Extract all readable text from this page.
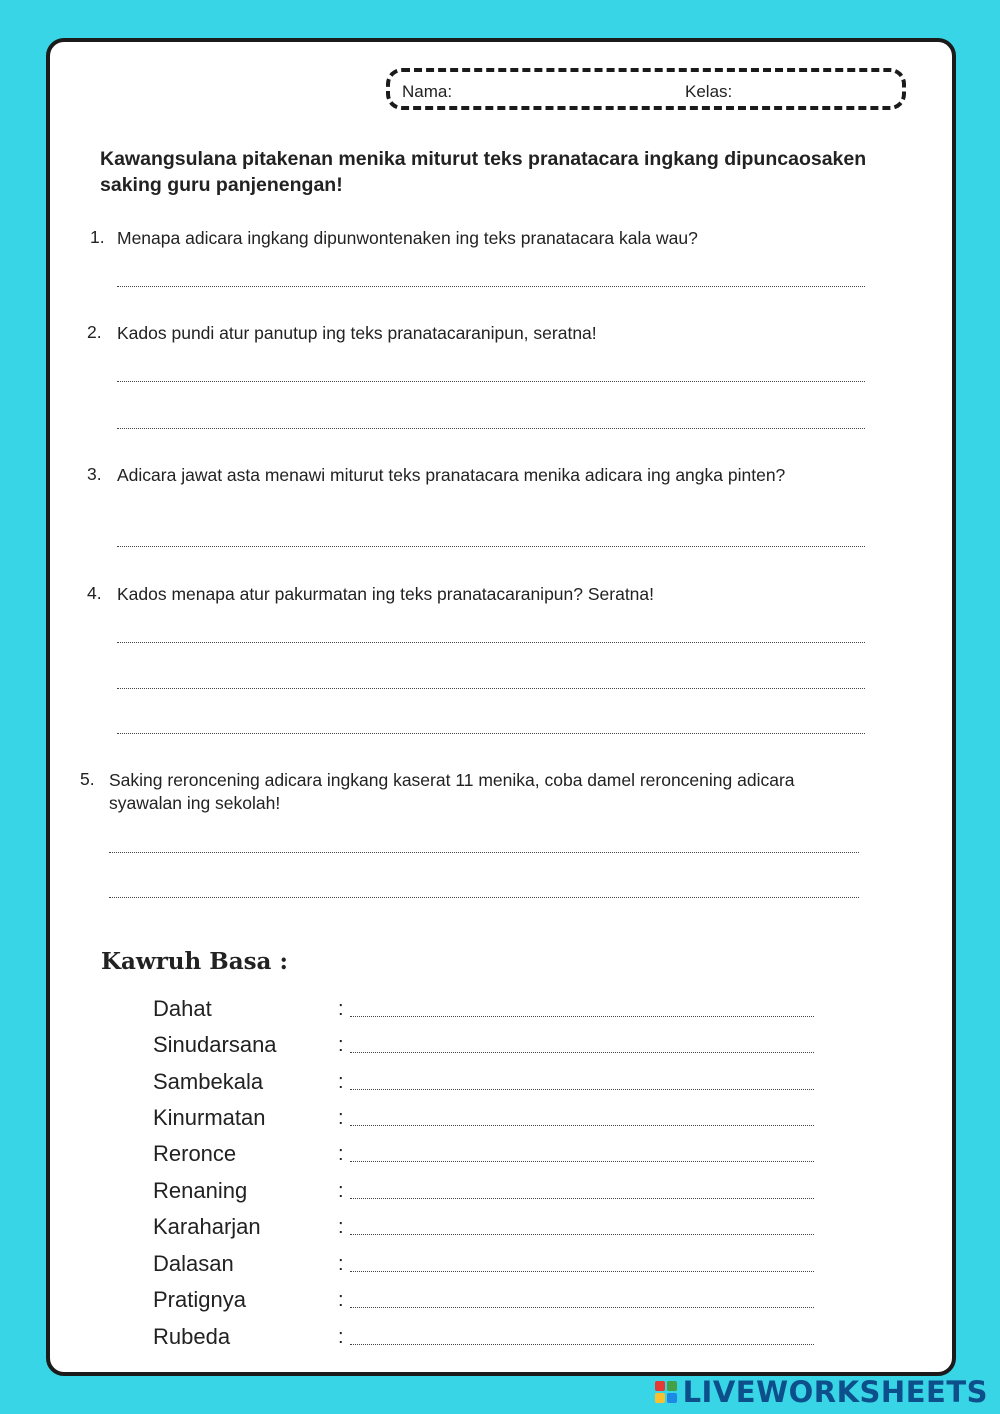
Nama:	Kelas:
Kawangsulana pitakenan menika miturut teks pranatacara ingkang dipuncaosaken saking guru panjenengan!
1. Menapa adicara ingkang dipunwontenaken ing teks pranatacara kala wau?
2. Kados pundi atur panutup ing teks pranatacaranipun, seratna!
3. Adicara jawat asta menawi miturut teks pranatacara menika adicara ing angka pinten?
4. Kados menapa atur pakurmatan ing teks pranatacaranipun? Seratna!
5. Saking reroncening adicara ingkang kaserat 11 menika, coba damel reroncening adicara syawalan ing sekolah!
Kawruh Basa :
Dahat	:
Sinudarsana	:
Sambekala	:
Kinurmatan	:
Reronce	:
Renaning	:
Karaharjan	:
Dalasan	:
Pratignya	:
Rubeda	:
LIVEWORKSHEETS
